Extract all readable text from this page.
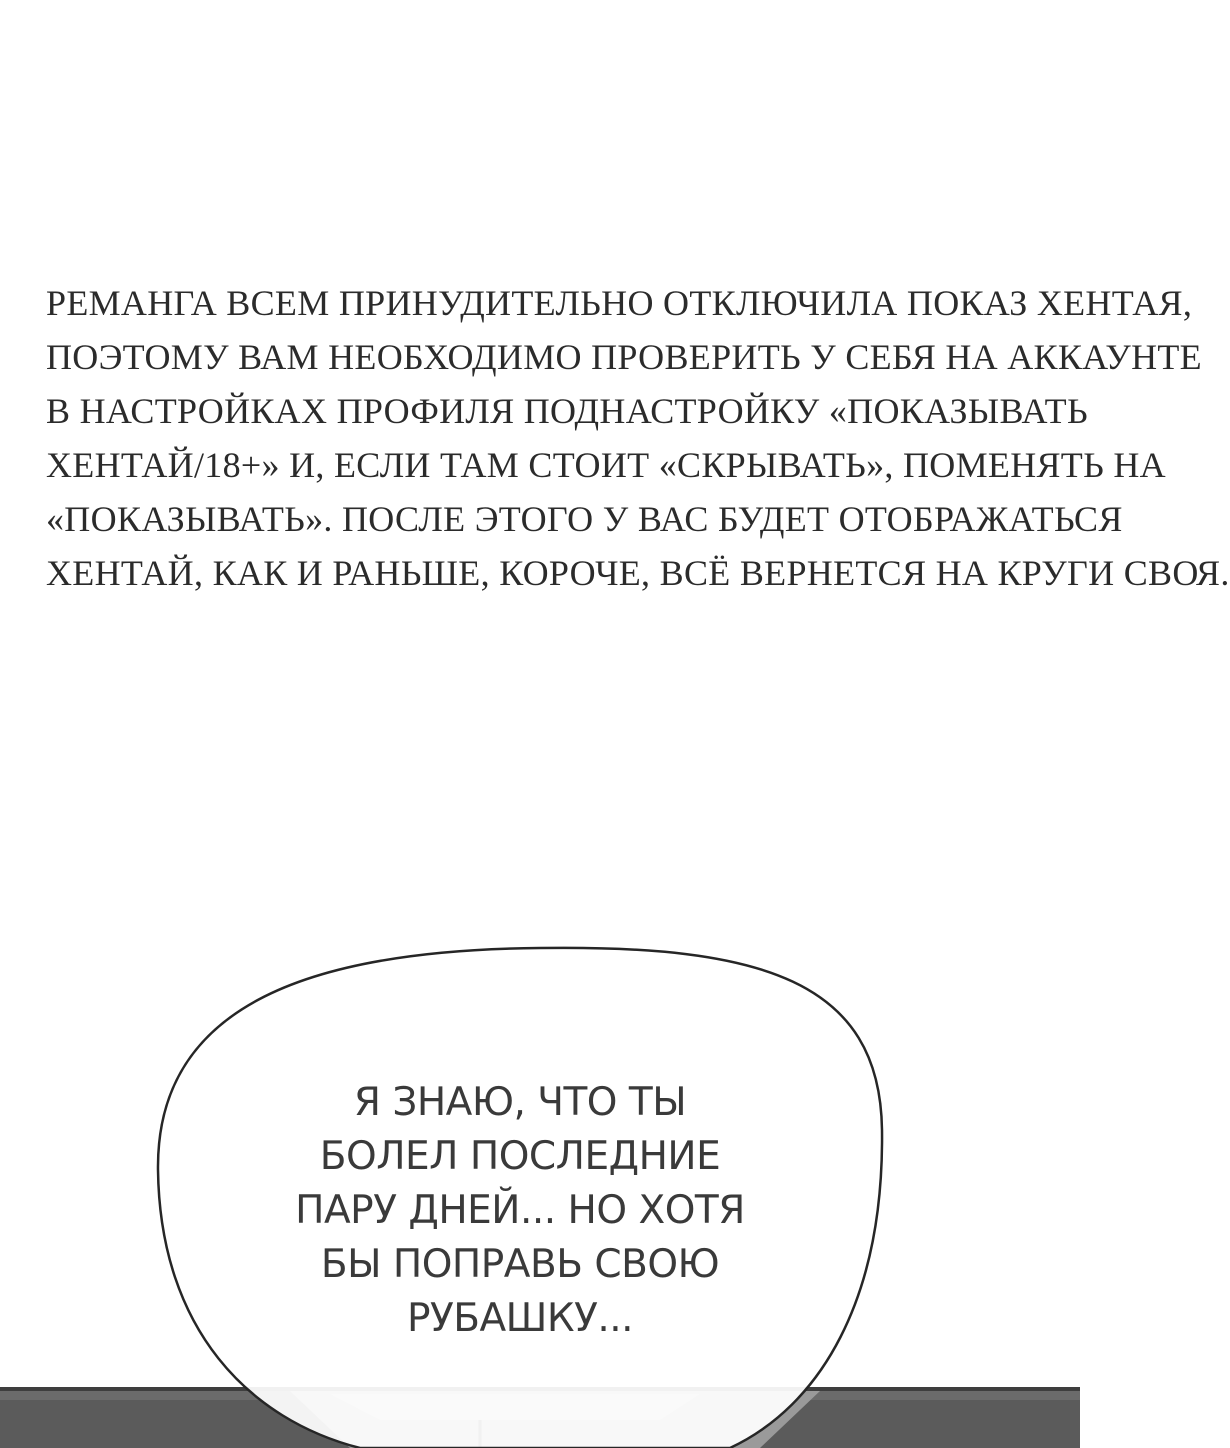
РЕМАНГА ВСЕМ ПРИНУДИТЕЛЬНО ОТКЛЮЧИЛА ПОКАЗ ХЕНТАЯ,
ПОЭТОМУ ВАМ НЕОБХОДИМО ПРОВЕРИТЬ У СЕБЯ НА АККАУНТЕ
В НАСТРОЙКАХ ПРОФИЛЯ ПОДНАСТРОЙКУ «ПОКАЗЫВАТЬ
ХЕНТАЙ/18+» И, ЕСЛИ ТАМ СТОИТ «СКРЫВАТЬ», ПОМЕНЯТЬ НА
«ПОКАЗЫВАТЬ». ПОСЛЕ ЭТОГО У ВАС БУДЕТ ОТОБРАЖАТЬСЯ
ХЕНТАЙ, КАК И РАНЬШЕ, КОРОЧЕ, ВСЁ ВЕРНЕТСЯ НА КРУГИ СВОЯ.
Я ЗНАЮ, ЧТО ТЫ
БОЛЕЛ ПОСЛЕДНИЕ
ПАРУ ДНЕЙ... НО ХОТЯ
БЫ ПОПРАВЬ СВОЮ
РУБАШКУ...
